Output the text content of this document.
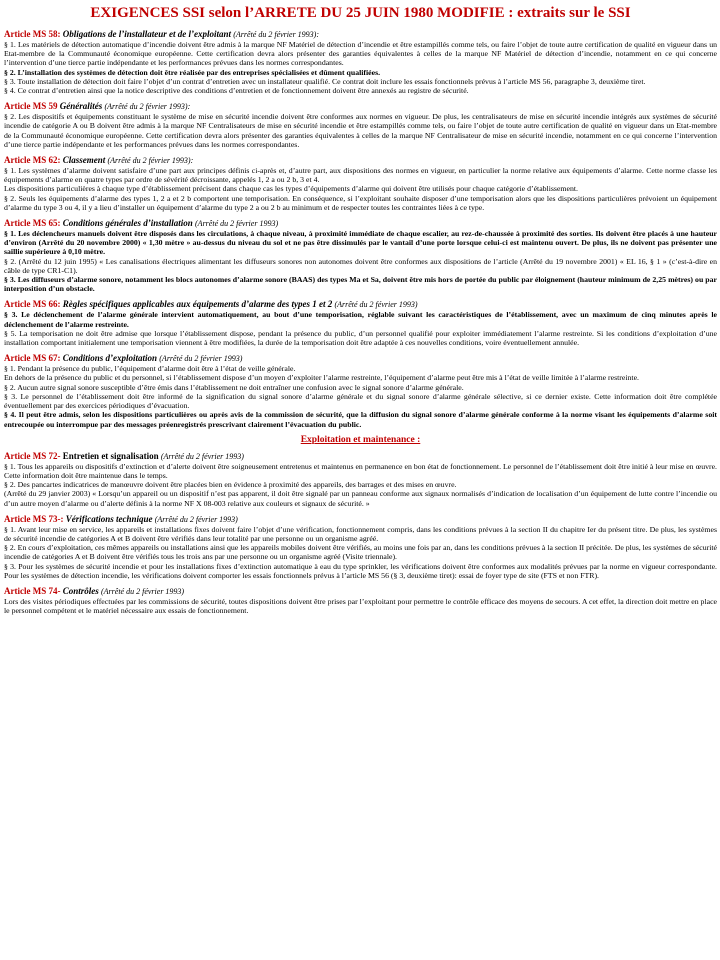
EXIGENCES SSI selon l’ARRETE DU 25 JUIN 1980 MODIFIE : extraits sur le SSI
Article MS 58: Obligations de l’installateur et de l’exploitant (Arrêté du 2 février 1993):

§ 1. Les matériels de détection automatique d’incendie doivent être admis à la marque NF Matériel de détection d’incendie et être estampillés comme tels, ou faire l’objet de toute autre certification de qualité en vigueur dans un Etat-membre de la Communauté économique européenne. Cette certification devra alors présenter des garanties équivalentes à celles de la marque NF Matériel de détection d’incendie, notamment en ce qui concerne l’intervention d’une tierce partie indépendante et les performances prévues dans les normes correspondantes.

§ 2. L’installation des systèmes de détection doit être réalisée par des entreprises spécialisées et dûment qualifiées.

§ 3. Toute installation de détection doit faire l’objet d’un contrat d’entretien avec un installateur qualifié. Ce contrat doit inclure les essais fonctionnels prévus à l’article MS 56, paragraphe 3, deuxième tiret.

§ 4. Ce contrat d’entretien ainsi que la notice descriptive des conditions d’entretien et de fonctionnement doivent être annexés au registre de sécurité.

Article MS 59 Généralités (Arrêté du 2 février 1993):

§ 2. Les dispositifs et équipements constituant le système de mise en sécurité incendie doivent être conformes aux normes en vigueur. De plus, les centralisateurs de mise en sécurité incendie intégrés aux systèmes de sécurité incendie de catégorie A ou B doivent être admis à la marque NF Centralisateurs de mise en sécurité incendie et être estampillés comme tels, ou faire l’objet de toute autre certification de qualité en vigueur dans un Etat-membre de la Communauté économique européenne. Cette certification devra alors présenter des garanties équivalentes à celles de la marque NF Centralisateur de mise en sécurité incendie, notamment en ce qui concerne l’intervention d’une tierce partie indépendante et les performances prévues dans les normes correspondantes.

Article MS 62: Classement (Arrêté du 2 février 1993):

§ 1. Les systèmes d’alarme doivent satisfaire d’une part aux principes définis ci-après et, d’autre part, aux dispositions des normes en vigueur, en particulier la norme relative aux équipements d’alarme. Cette norme classe les équipements d’alarme en quatre types par ordre de sévérité décroissante, appelés 1, 2 a ou 2 b, 3 et 4.

Les dispositions particulières à chaque type d’établissement précisent dans chaque cas les types d’équipements d’alarme qui doivent être utilisés pour chaque catégorie d’établissement.

§ 2. Seuls les équipements d’alarme des types 1, 2 a et 2 b comportent une temporisation. En conséquence, si l’exploitant souhaite disposer d’une temporisation alors que les dispositions particulières prévoient un équipement d’alarme du type 3 ou 4, il y a lieu d’installer un équipement d’alarme du type 2 a ou 2 b au minimum et de respecter toutes les contraintes liées à ce type.

Article MS 65: Conditions générales d’installation (Arrêté du 2 février 1993)

§ 1. Les déclencheurs manuels doivent être disposés dans les circulations, à chaque niveau, à proximité immédiate de chaque escalier, au rez-de-chaussée à proximité des sorties. Ils doivent être placés à une hauteur d’environ (Arrêté du 20 novembre 2000) « 1,30 mètre » au-dessus du niveau du sol et ne pas être dissimulés par le vantail d’une porte lorsque celui-ci est maintenu ouvert. De plus, ils ne doivent pas présenter une saillie supérieure à 0,10 mètre.

§ 2. (Arrêté du 12 juin 1995) « Les canalisations électriques alimentant les diffuseurs sonores non autonomes doivent être conformes aux dispositions de l’article (Arrêté du 19 novembre 2001) « EL 16, § 1 » (c’est-à-dire en câble de type CR1-C1).

§ 3. Les diffuseurs d’alarme sonore, notamment les blocs autonomes d’alarme sonore (BAAS) des types Ma et Sa, doivent être mis hors de portée du public par éloignement (hauteur minimum de 2,25 mètres) ou par interposition d’un obstacle.

Article MS 66: Règles spécifiques applicables aux équipements d’alarme des types 1 et 2 (Arrêté du 2 février 1993)

§ 3. Le déclenchement de l’alarme générale intervient automatiquement, au bout d’une temporisation, réglable suivant les caractéristiques de l’établissement, avec un maximum de cinq minutes après le déclenchement de l’alarme restreinte.

§ 5. La temporisation ne doit être admise que lorsque l’établissement dispose, pendant la présence du public, d’un personnel qualifié pour exploiter immédiatement l’alarme restreinte. Si les conditions d’exploitation d’une installation comportant initialement une temporisation viennent à être modifiées, la durée de la temporisation doit être adaptée à ces nouvelles conditions, voire éventuellement annulée.

Article MS 67: Conditions d’exploitation (Arrêté du 2 février 1993)

§ 1. Pendant la présence du public, l’équipement d’alarme doit être à l’état de veille générale.

En dehors de la présence du public et du personnel, si l’établissement dispose d’un moyen d’exploiter l’alarme restreinte, l’équipement d’alarme peut être mis à l’état de veille limitée à l’alarme restreinte.

§ 2. Aucun autre signal sonore susceptible d’être émis dans l’établissement ne doit entraîner une confusion avec le signal sonore d’alarme générale.

§ 3. Le personnel de l’établissement doit être informé de la signification du signal sonore d’alarme générale et du signal sonore d’alarme générale sélective, si ce dernier existe. Cette information doit être complétée éventuellement par des exercices périodiques d’évacuation.

§ 4. Il peut être admis, selon les dispositions particulières ou après avis de la commission de sécurité, que la diffusion du signal sonore d’alarme générale conforme à la norme visant les équipements d’alarme soit entrecoupée ou interrompue par des messages préenregistrés prescrivant clairement l’évacuation du public.

Exploitation et maintenance :
Article MS 72- Entretien et signalisation (Arrêté du 2 février 1993)

§ 1. Tous les appareils ou dispositifs d’extinction et d’alerte doivent être soigneusement entretenus et maintenus en permanence en bon état de fonctionnement. Le personnel de l’établissement doit être initié à leur mise en œuvre. Cette information doit être maintenue dans le temps.

§ 2. Des pancartes indicatrices de manœuvre doivent être placées bien en évidence à proximité des appareils, des barrages et des mises en œuvre.

(Arrêté du 29 janvier 2003) « Lorsqu’un appareil ou un dispositif n’est pas apparent, il doit être signalé par un panneau conforme aux signaux normalisés d’indication de localisation d’un équipement de lutte contre l’incendie ou d’un autre moyen d’alarme ou d’alerte définis à la norme NF X 08-003 relative aux couleurs et signaux de sécurité. »

Article MS 73-: Vérifications technique (Arrêté du 2 février 1993)

§ 1. Avant leur mise en service, les appareils et installations fixes doivent faire l’objet d’une vérification, fonctionnement compris, dans les conditions prévues à la section II du chapitre Ier du présent titre. De plus, les systèmes de sécurité incendie de catégories A et B doivent être vérifiés dans leur totalité par une personne ou un organisme agréé.

§ 2. En cours d’exploitation, ces mêmes appareils ou installations ainsi que les appareils mobiles doivent être vérifiés, au moins une fois par an, dans les conditions prévues à la section II précitée. De plus, les systèmes de sécurité incendie de catégories A et B doivent être vérifiés tous les trois ans par une personne ou un organisme agréé (Visite triennale).

§ 3. Pour les systèmes de sécurité incendie et pour les installations fixes d’extinction automatique à eau du type sprinkler, les vérifications doivent être conformes aux modalités prévues par la norme en vigueur correspondante. Pour les systèmes de détection incendie, les vérifications doivent comporter les essais fonctionnels prévus à l’article MS 56 (§ 3, deuxième tiret): essai de foyer type de site (FTS et non FTR).

Article MS 74- Contrôles (Arrêté du 2 février 1993)

Lors des visites périodiques effectuées par les commissions de sécurité, toutes dispositions doivent être prises par l’exploitant pour permettre le contrôle efficace des moyens de secours. A cet effet, la direction doit mettre en place le personnel compétent et le matériel nécessaire aux essais de fonctionnement.
